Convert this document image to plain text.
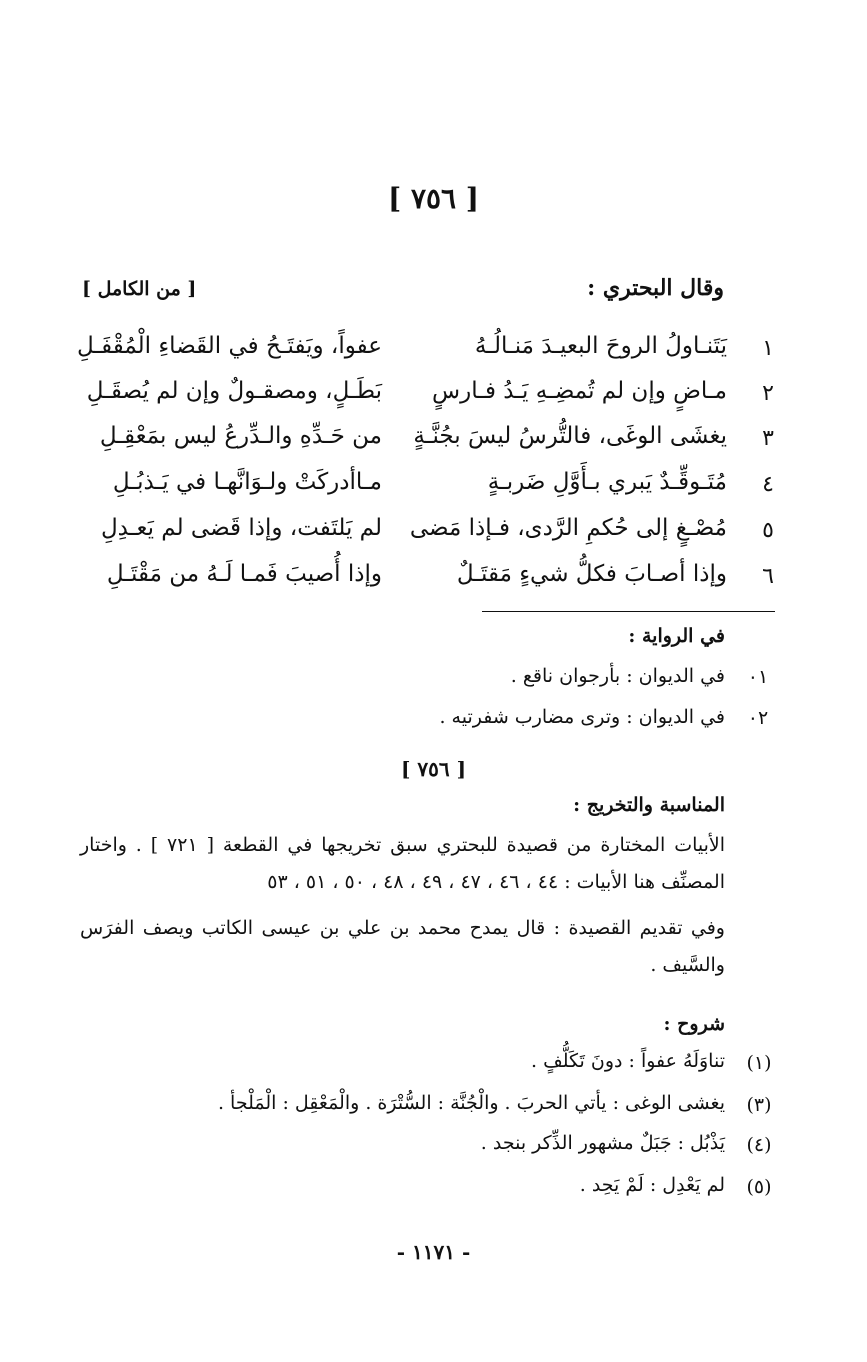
[ ٧٥٦ ]
وقال البحتري :
[ من الكامل ]
١
يَتَنـاولُ الروحَ البعيـدَ مَنـالُـهُ
عفواً، ويَفتَـحُ في القَضاءِ الْمُقْفَـلِ
٢
مـاضٍ وإن لم تُمضِـهِ يَـدُ فـارسٍ
بَطَـلٍ، ومصقـولٌ وإن لم يُصقَـلِ
٣
يغشَى الوغَى، فالتُّرسُ ليسَ بجُنَّـةٍ
من حَـدِّهِ والـدِّرعُ ليس بمَعْقِـلِ
٤
مُتَـوقِّـدٌ يَبري بـأَوَّلِ ضَربـةٍ
مـاأدركَتْ ولـوَانَّهـا في يَـذبُـلِ
٥
مُصْـغٍ إلى حُكمِ الرَّدى، فـإذا مَضى
لم يَلتَفت، وإذا قَضى لم يَعـدِلِ
٦
وإذا أصـابَ فكلُّ شيءٍ مَقتَـلٌ
وإذا أُصيبَ فَمـا لَـهُ من مَقْتَـلِ
في الرواية :
٠١
في الديوان : بأرجوان ناقع .
٠٢
في الديوان : وترى مضارب شفرتيه .
[ ٧٥٦ ]
المناسبة والتخريج :
الأبيات المختارة من قصيدة للبحتري سبق تخريجها في القطعة [ ٧٢١ ] . واختار المصنِّف هنا الأبيات : ٤٤ ، ٤٦ ، ٤٧ ، ٤٩ ، ٤٨ ، ٥٠ ، ٥١ ، ٥٣
وفي تقديم القصيدة : قال يمدح محمد بن علي بن عيسى الكاتب ويصف الفرَس والسَّيف .
شروح :
(١)
تناوَلَهُ عفواً : دونَ تَكَلُّفٍ .
(٣)
يغشى الوغى : يأتي الحربَ . والْجُنَّة : السُّتْرَة . والْمَعْقِل : الْمَلْجأ .
(٤)
يَذْبُل : جَبَلٌ مشهور الذِّكر بنجد .
(٥)
لم يَعْدِل : لَمْ يَحِد .
- ١١٧١ -
